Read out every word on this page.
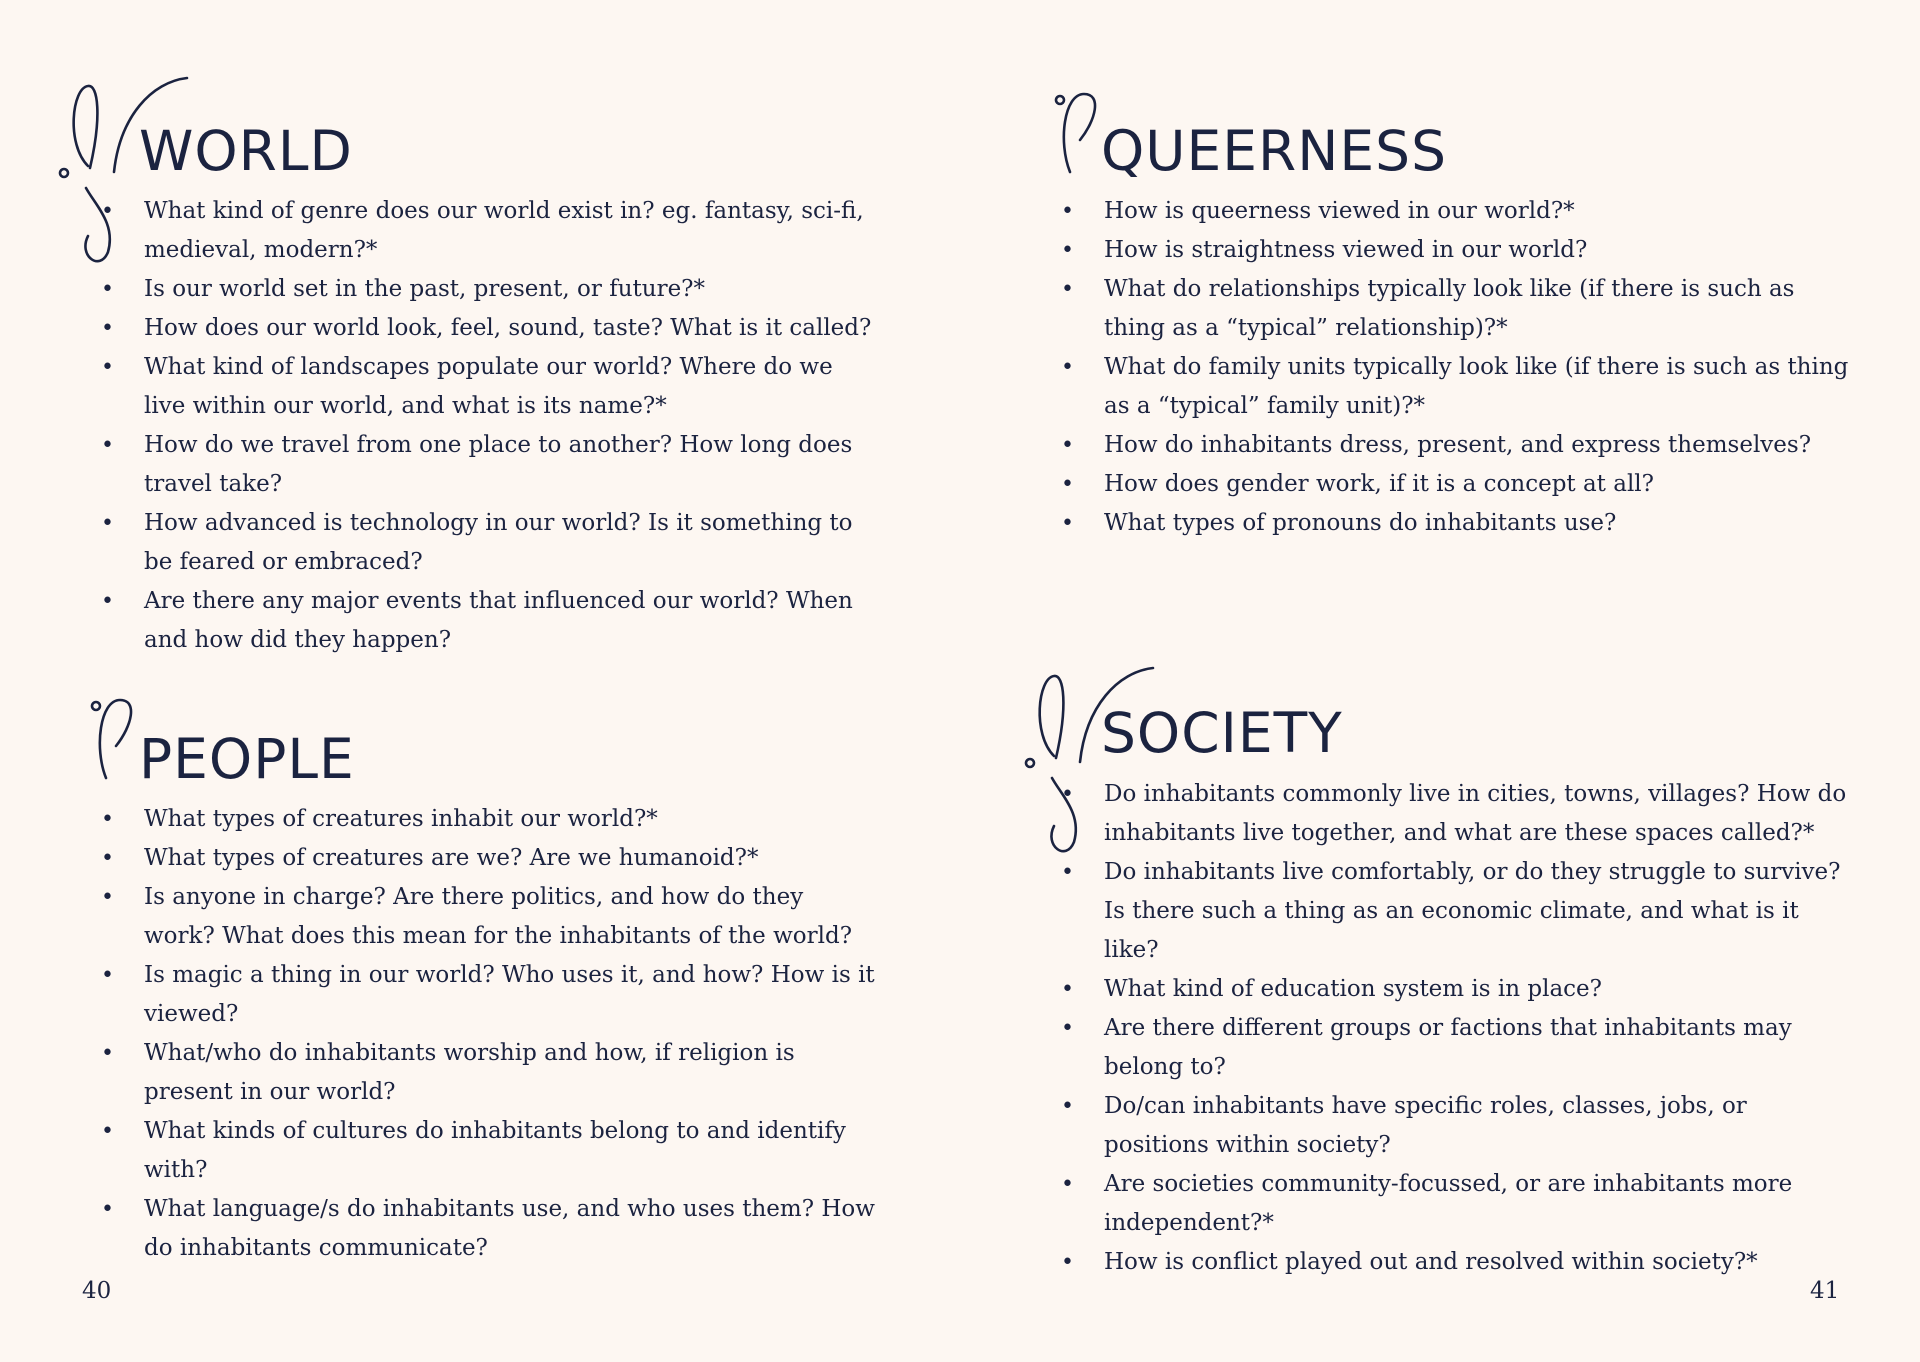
WORLD
• What kind of genre does our world exist in? eg. fantasy, sci-fi, medieval, modern?*
• Is our world set in the past, present, or future?*
• How does our world look, feel, sound, taste? What is it called?
• What kind of landscapes populate our world? Where do we live within our world, and what is its name?*
• How do we travel from one place to another? How long does travel take?
• How advanced is technology in our world? Is it something to be feared or embraced?
• Are there any major events that influenced our world? When and how did they happen?
PEOPLE
• What types of creatures inhabit our world?*
• What types of creatures are we? Are we humanoid?*
• Is anyone in charge? Are there politics, and how do they work? What does this mean for the inhabitants of the world?
• Is magic a thing in our world? Who uses it, and how? How is it viewed?
• What/who do inhabitants worship and how, if religion is present in our world?
• What kinds of cultures do inhabitants belong to and identify with?
• What language/s do inhabitants use, and who uses them? How do inhabitants communicate?
QUEERNESS
• How is queerness viewed in our world?*
• How is straightness viewed in our world?
• What do relationships typically look like (if there is such as thing as a “typical” relationship)?*
• What do family units typically look like (if there is such as thing as a “typical” family unit)?*
• How do inhabitants dress, present, and express themselves?
• How does gender work, if it is a concept at all?
• What types of pronouns do inhabitants use?
SOCIETY
• Do inhabitants commonly live in cities, towns, villages? How do inhabitants live together, and what are these spaces called?*
• Do inhabitants live comfortably, or do they struggle to survive? Is there such a thing as an economic climate, and what is it like?
• What kind of education system is in place?
• Are there different groups or factions that inhabitants may belong to?
• Do/can inhabitants have specific roles, classes, jobs, or positions within society?
• Are societies community-focussed, or are inhabitants more independent?*
• How is conflict played out and resolved within society?*
40	41
